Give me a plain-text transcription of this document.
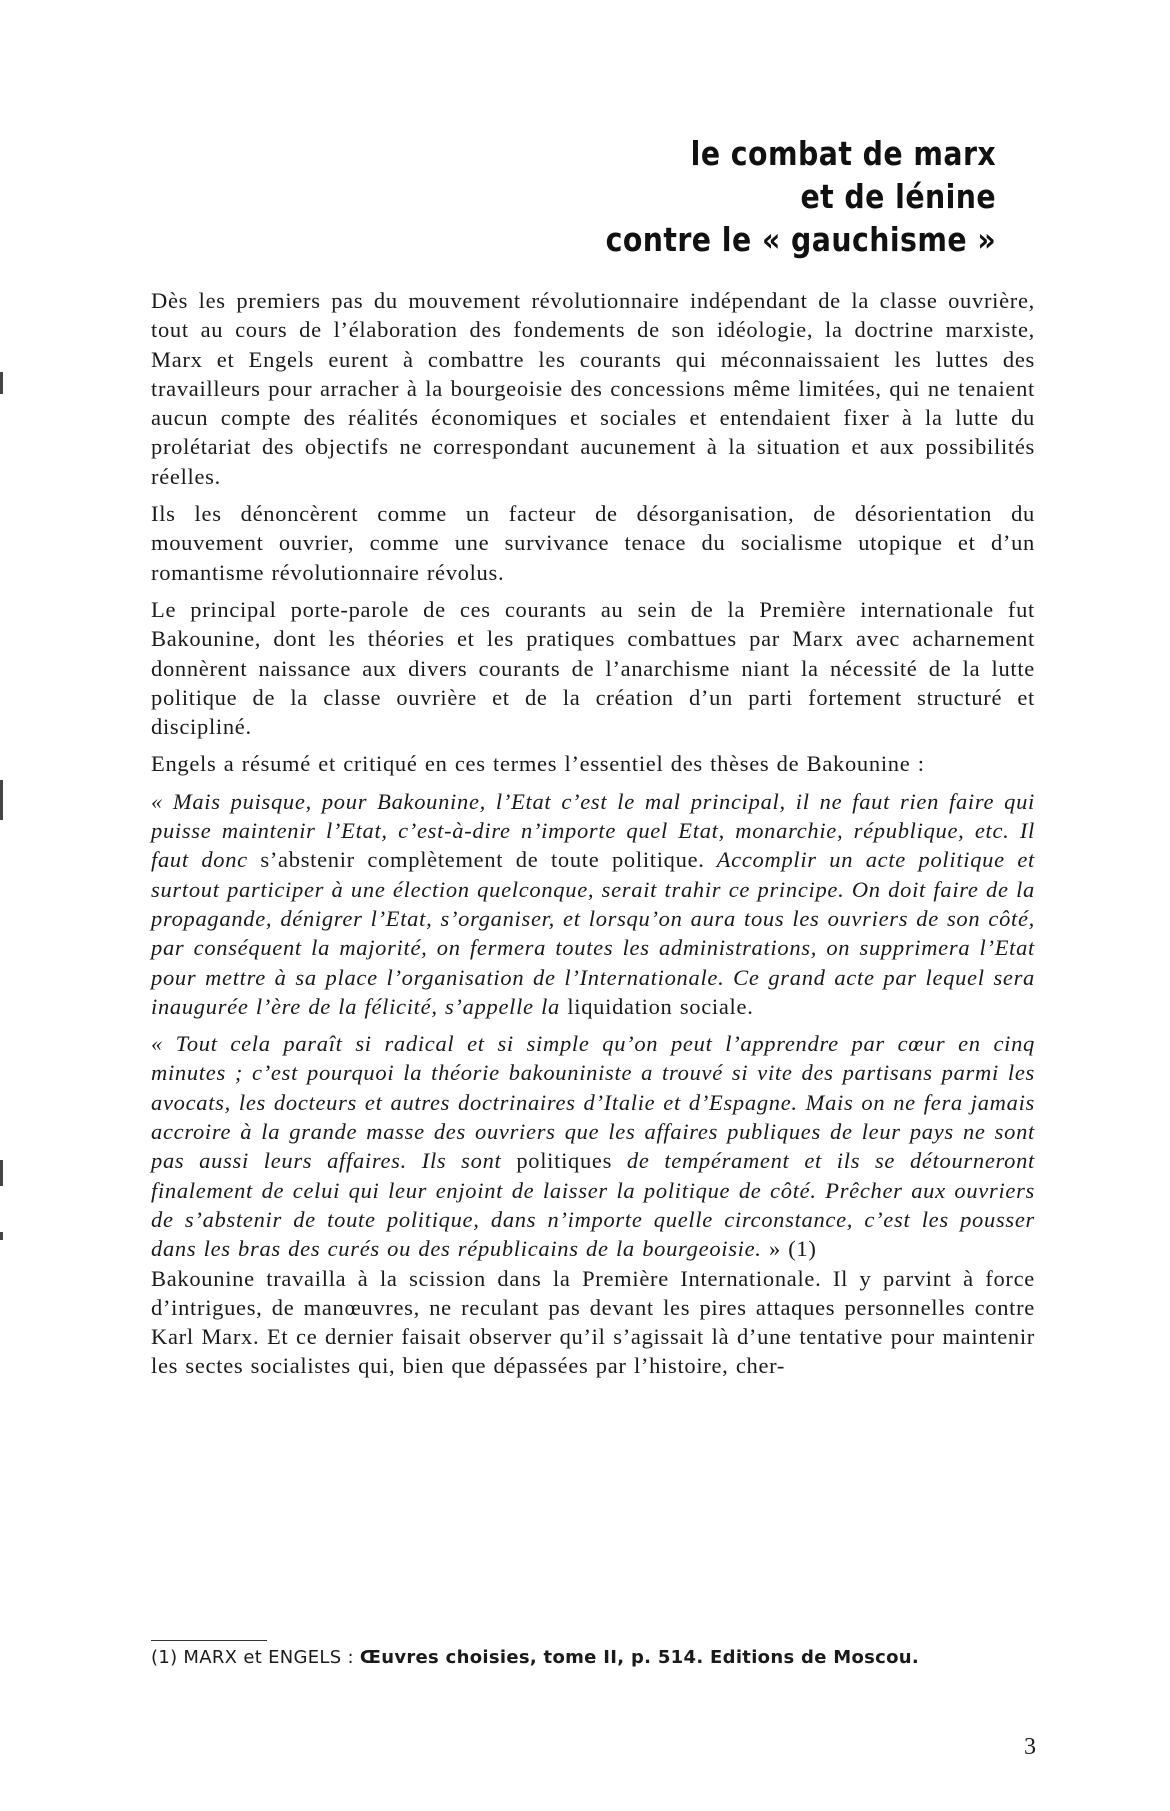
le combat de marx
et de lénine
contre le « gauchisme »

Dès les premiers pas du mouvement révolutionnaire indépendant de la classe ouvrière, tout au cours de l’élaboration des fondements de son idéologie, la doctrine marxiste, Marx et Engels eurent à combattre les courants qui méconnaissaient les luttes des travailleurs pour arracher à la bourgeoisie des concessions même limitées, qui ne tenaient aucun compte des réalités économiques et sociales et entendaient fixer à la lutte du prolétariat des objectifs ne correspondant aucunement à la situation et aux possibilités réelles.

Ils les dénoncèrent comme un facteur de désorganisation, de désorientation du mouvement ouvrier, comme une survivance tenace du socialisme utopique et d’un romantisme révolutionnaire révolus.

Le principal porte-parole de ces courants au sein de la Première internationale fut Bakounine, dont les théories et les pratiques combattues par Marx avec acharnement donnèrent naissance aux divers courants de l’anarchisme niant la nécessité de la lutte politique de la classe ouvrière et de la création d’un parti fortement structuré et discipliné.

Engels a résumé et critiqué en ces termes l’essentiel des thèses de Bakounine :

« Mais puisque, pour Bakounine, l’Etat c’est le mal principal, il ne faut rien faire qui puisse maintenir l’Etat, c’est-à-dire n’importe quel Etat, monarchie, république, etc. Il faut donc s’abstenir complètement de toute politique. Accomplir un acte politique et surtout participer à une élection quelconque, serait trahir ce principe. On doit faire de la propagande, dénigrer l’Etat, s’organiser, et lorsqu’on aura tous les ouvriers de son côté, par conséquent la majorité, on fermera toutes les administrations, on supprimera l’Etat pour mettre à sa place l’organisation de l’Internationale. Ce grand acte par lequel sera inaugurée l’ère de la félicité, s’appelle la liquidation sociale.

« Tout cela paraît si radical et si simple qu’on peut l’apprendre par cœur en cinq minutes ; c’est pourquoi la théorie bakouniniste a trouvé si vite des partisans parmi les avocats, les docteurs et autres doctrinaires d’Italie et d’Espagne. Mais on ne fera jamais accroire à la grande masse des ouvriers que les affaires publiques de leur pays ne sont pas aussi leurs affaires. Ils sont politiques de tempérament et ils se détourneront finalement de celui qui leur enjoint de laisser la politique de côté. Prêcher aux ouvriers de s’abstenir de toute politique, dans n’importe quelle circonstance, c’est les pousser dans les bras des curés ou des républicains de la bourgeoisie. » (1)

Bakounine travailla à la scission dans la Première Internationale. Il y parvint à force d’intrigues, de manœuvres, ne reculant pas devant les pires attaques personnelles contre Karl Marx. Et ce dernier faisait observer qu’il s’agissait là d’une tentative pour maintenir les sectes socialistes qui, bien que dépassées par l’histoire, cher-

(1) MARX et ENGELS : Œuvres choisies, tome II, p. 514. Editions de Moscou.
3
